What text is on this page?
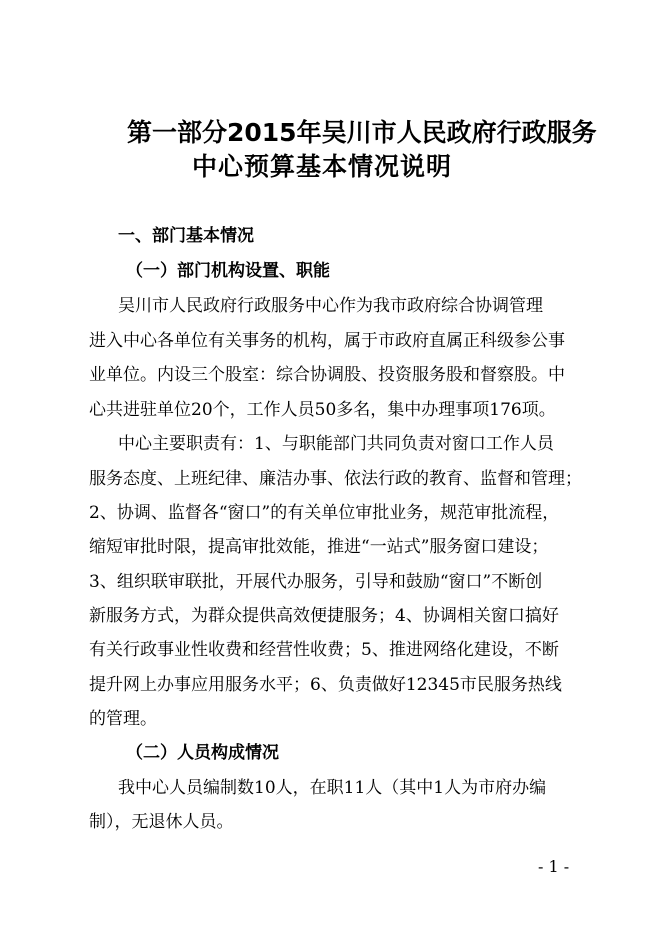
第一部分2015年吴川市人民政府行政服务
中心预算基本情况说明
一、部门基本情况
（一）部门机构设置、职能
吴川市人民政府行政服务中心作为我市政府综合协调管理
进入中心各单位有关事务的机构，属于市政府直属正科级参公事
业单位。内设三个股室：综合协调股、投资服务股和督察股。中
心共进驻单位20个，工作人员50多名，集中办理事项176项。
中心主要职责有：1、与职能部门共同负责对窗口工作人员
服务态度、上班纪律、廉洁办事、依法行政的教育、监督和管理；
2、协调、监督各“窗口”的有关单位审批业务，规范审批流程，
缩短审批时限，提高审批效能，推进“一站式”服务窗口建设；
3、组织联审联批，开展代办服务，引导和鼓励“窗口”不断创
新服务方式，为群众提供高效便捷服务；4、协调相关窗口搞好
有关行政事业性收费和经营性收费；5、推进网络化建设，不断
提升网上办事应用服务水平；6、负责做好12345市民服务热线
的管理。
（二）人员构成情况
我中心人员编制数10人，在职11人（其中1人为市府办编
制），无退休人员。
- 1 -
